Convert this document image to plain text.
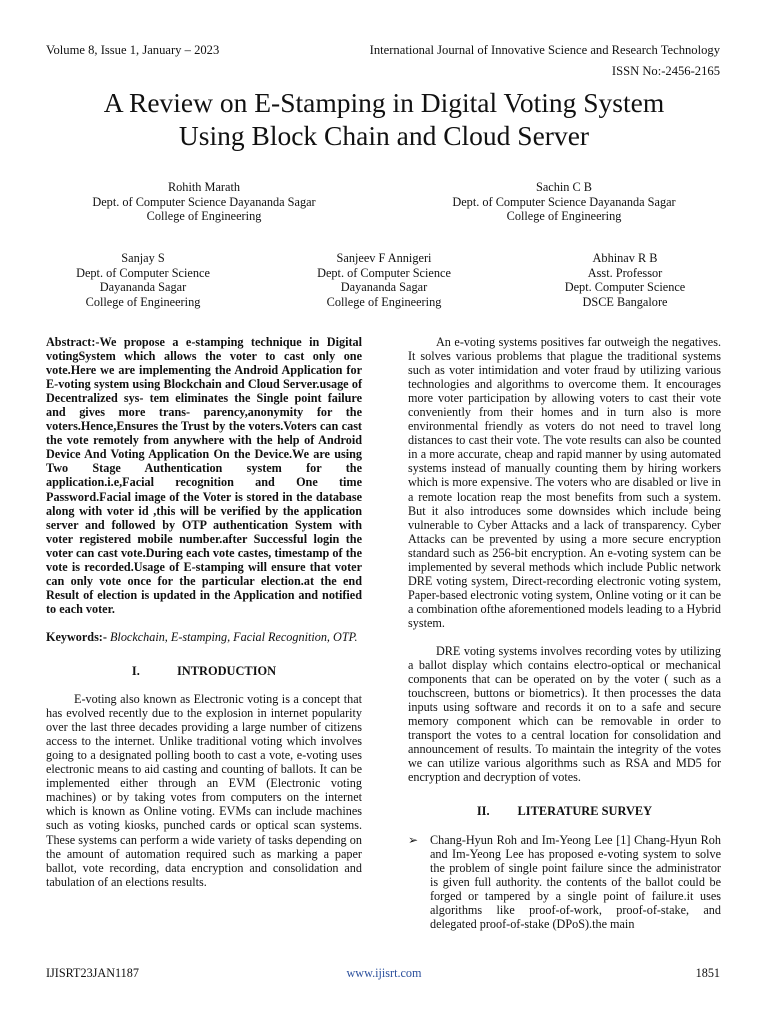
Volume 8, Issue 1, January – 2023	International Journal of Innovative Science and Research Technology
ISSN No:-2456-2165
A Review on E-Stamping in Digital Voting System
Using Block Chain and Cloud Server
Rohith Marath
Dept. of Computer Science Dayananda Sagar
College of Engineering
Sachin C B
Dept. of Computer Science Dayananda Sagar
College of Engineering
Sanjay S
Dept. of Computer Science
Dayananda Sagar
College of Engineering
Sanjeev F Annigeri
Dept. of Computer Science
Dayananda Sagar
College of Engineering
Abhinav R B
Asst. Professor
Dept. Computer Science
DSCE Bangalore
Abstract:-We propose a e-stamping technique in Digital votingSystem which allows the voter to cast only one vote.Here we are implementing the Android Application for E-voting system using Blockchain and Cloud Server.usage of Decentralized sys- tem eliminates the Single point failure and gives more trans- parency,anonymity for the voters.Hence,Ensures the Trust by the voters.Voters can cast the vote remotely from anywhere with the help of Android Device And Voting Application On the Device.We are using Two Stage Authentication system for the application.i.e,Facial recognition and One time Password.Facial image of the Voter is stored in the database along with voter id ,this will be verified by the application server and followed by OTP authentication System with voter registered mobile number.after Successful login the voter can cast vote.During each vote castes, timestamp of the vote is recorded.Usage of E-stamping will ensure that voter can only vote once for the particular election.at the end Result of election is updated in the Application and notified to each voter.
Keywords:- Blockchain, E-stamping, Facial Recognition, OTP.
I.	INTRODUCTION
E-voting also known as Electronic voting is a concept that has evolved recently due to the explosion in internet popularity over the last three decades providing a large number of citizens access to the internet. Unlike traditional voting which involves going to a designated polling booth to cast a vote, e-voting uses electronic means to aid casting and counting of ballots. It can be implemented either through an EVM (Electronic voting machines) or by taking votes from computers on the internet which is known as Online voting. EVMs can include machines such as voting kiosks, punched cards or optical scan systems. These systems can perform a wide variety of tasks depending on the amount of automation required such as marking a paper ballot, vote recording, data encryption and consolidation and tabulation of an elections results.
An e-voting systems positives far outweigh the negatives. It solves various problems that plague the traditional systems such as voter intimidation and voter fraud by utilizing various technologies and algorithms to overcome them. It encourages more voter participation by allowing voters to cast their vote conveniently from their homes and in turn also is more environmental friendly as voters do not need to travel long distances to cast their vote. The vote results can also be counted in a more accurate, cheap and rapid manner by using automated systems instead of manually counting them by hiring workers which is more expensive. The voters who are disabled or live in a remote location reap the most benefits from such a system. But it also introduces some downsides which include being vulnerable to Cyber Attacks and a lack of transparency. Cyber Attacks can be prevented by using a more secure encryption standard such as 256-bit encryption. An e-voting system can be implemented by several methods which include Public network DRE voting system, Direct-recording electronic voting system, Paper-based electronic voting system, Online voting or it can be a combination ofthe aforementioned models leading to a Hybrid system.
DRE voting systems involves recording votes by utilizing a ballot display which contains electro-optical or mechanical components that can be operated on by the voter ( such as a touchscreen, buttons or biometrics). It then processes the data inputs using software and records it on to a safe and secure memory component which can be removable in order to transport the votes to a central location for consolidation and announcement of results. To maintain the integrity of the votes we can utilize various algorithms such as RSA and MD5 for encryption and decryption of votes.
II. LITERATURE SURVEY
➢ Chang-Hyun Roh and Im-Yeong Lee [1] Chang-Hyun Roh and Im-Yeong Lee has proposed e-voting system to solve the problem of single point failure since the administrator is given full authority. the contents of the ballot could be forged or tampered by a single point of failure.it uses algorithms like proof-of-work, proof-of-stake, and delegated proof-of-stake (DPoS).the main
IJISRT23JAN1187	www.ijisrt.com	1851
